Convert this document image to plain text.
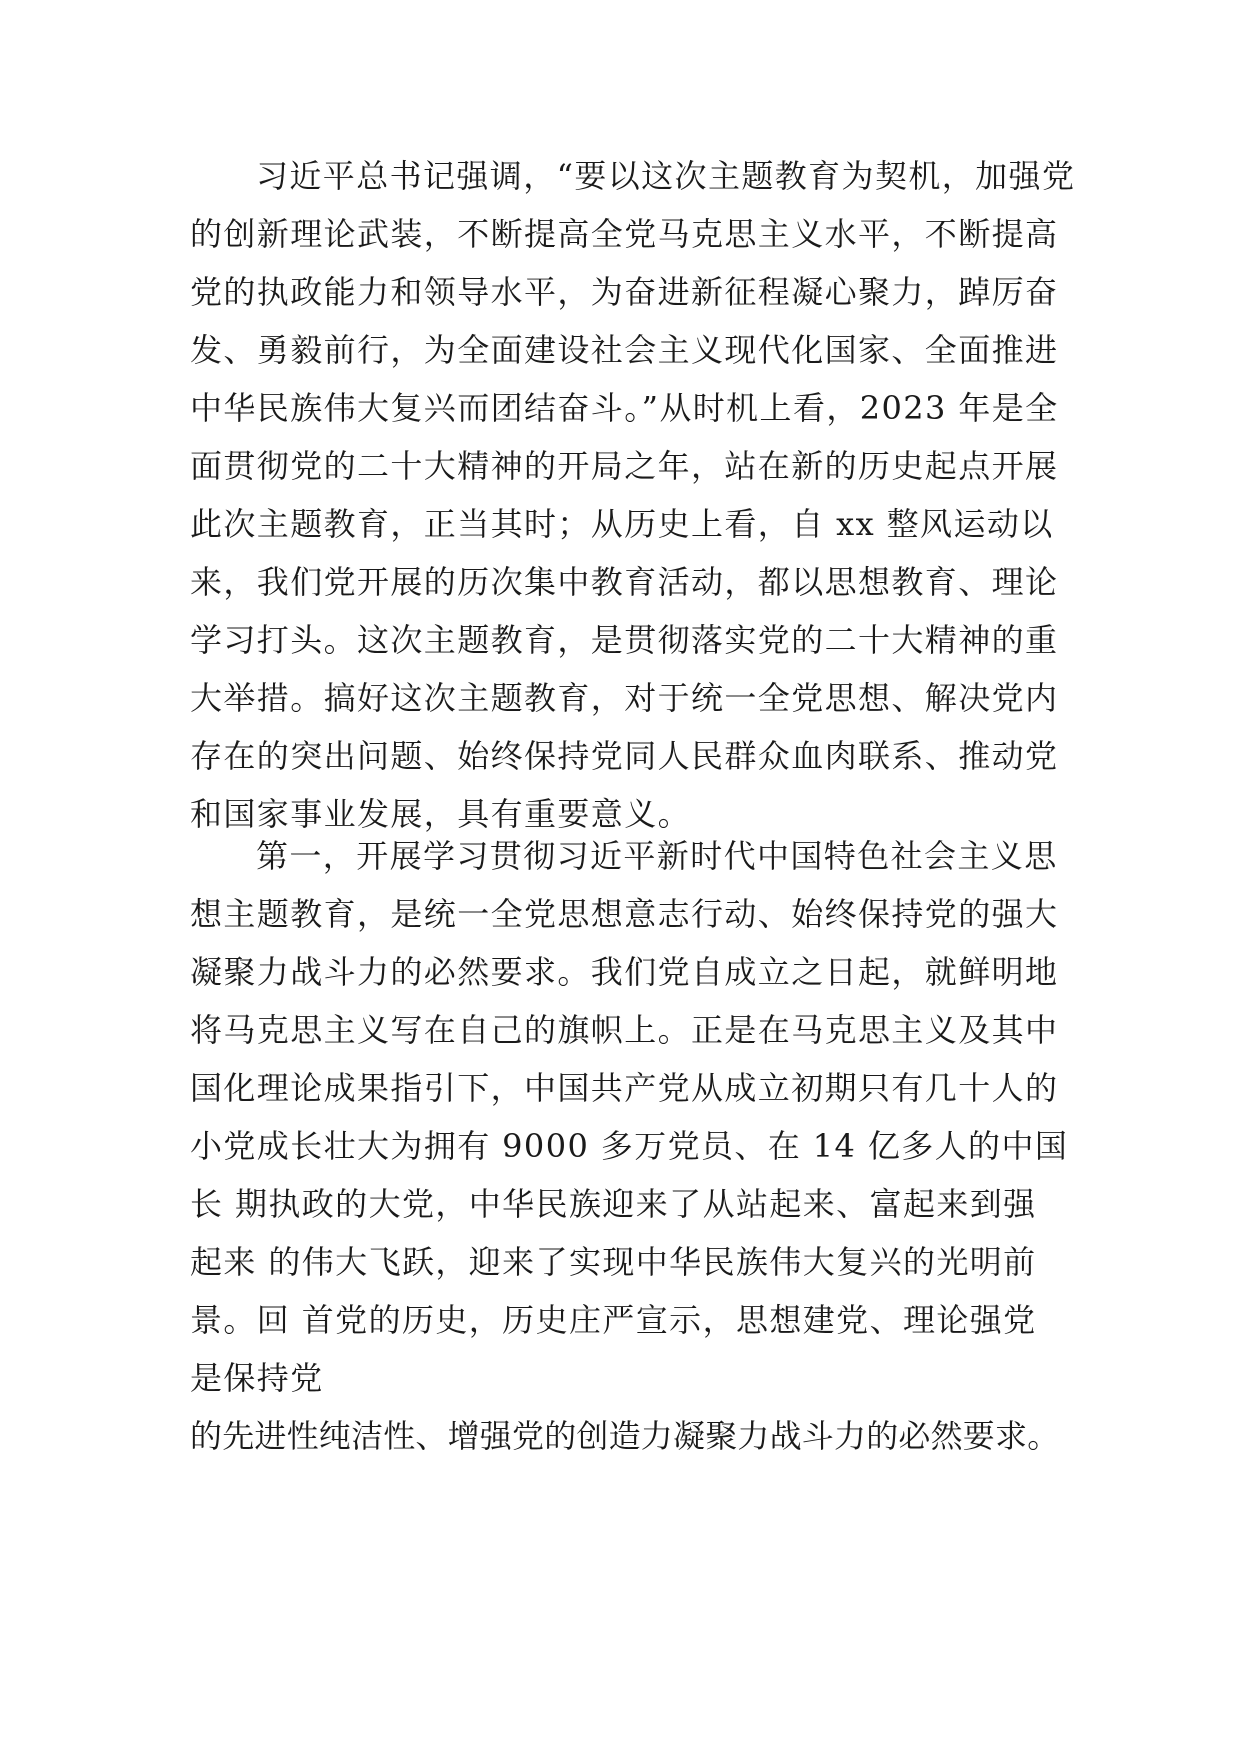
习近平总书记强调，“要以这次主题教育为契机，加强党
的创新理论武装，不断提高全党马克思主义水平，不断提高
党的执政能力和领导水平，为奋进新征程凝心聚力，踔厉奋
发、勇毅前行，为全面建设社会主义现代化国家、全面推进
中华民族伟大复兴而团结奋斗。”从时机上看，2023 年是全
面贯彻党的二十大精神的开局之年，站在新的历史起点开展
此次主题教育，正当其时；从历史上看，自 xx 整风运动以
来，我们党开展的历次集中教育活动，都以思想教育、理论
学习打头。这次主题教育，是贯彻落实党的二十大精神的重
大举措。搞好这次主题教育，对于统一全党思想、解决党内
存在的突出问题、始终保持党同人民群众血肉联系、推动党
和国家事业发展，具有重要意义。
第一，开展学习贯彻习近平新时代中国特色社会主义思
想主题教育，是统一全党思想意志行动、始终保持党的强大
凝聚力战斗力的必然要求。我们党自成立之日起，就鲜明地
将马克思主义写在自己的旗帜上。正是在马克思主义及其中
国化理论成果指引下，中国共产党从成立初期只有几十人的
小党成长壮大为拥有 9000 多万党员、在 14 亿多人的中国
长 期执政的大党，中华民族迎来了从站起来、富起来到强
起来 的伟大飞跃，迎来了实现中华民族伟大复兴的光明前
景。回 首党的历史，历史庄严宣示，思想建党、理论强党
是保持党
的先进性纯洁性、增强党的创造力凝聚力战斗力的必然要求。
